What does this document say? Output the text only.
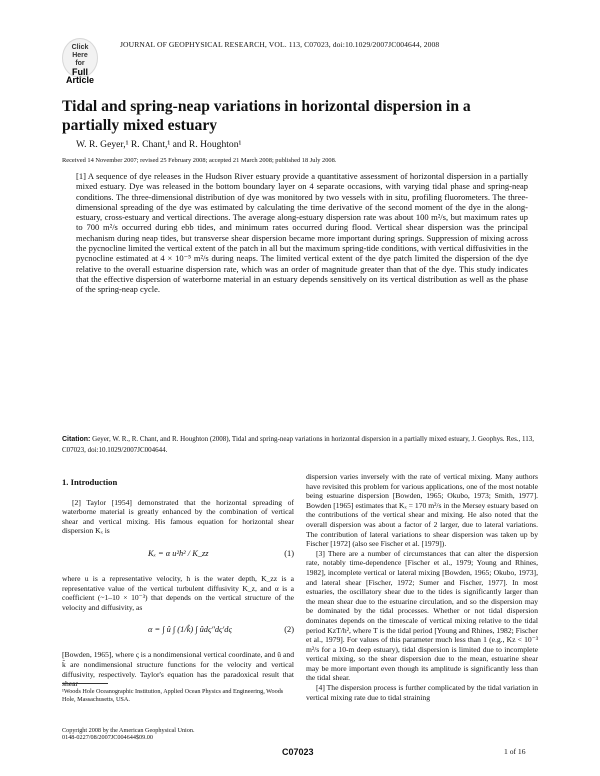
Click
Here
for
Full
Article
JOURNAL OF GEOPHYSICAL RESEARCH, VOL. 113, C07023, doi:10.1029/2007JC004644, 2008
Tidal and spring-neap variations in horizontal dispersion in a partially mixed estuary
W. R. Geyer,¹ R. Chant,¹ and R. Houghton¹
Received 14 November 2007; revised 25 February 2008; accepted 21 March 2008; published 18 July 2008.
[1] A sequence of dye releases in the Hudson River estuary provide a quantitative assessment of horizontal dispersion in a partially mixed estuary. Dye was released in the bottom boundary layer on 4 separate occasions, with varying tidal phase and spring-neap conditions. The three-dimensional distribution of dye was monitored by two vessels with in situ, profiling fluorometers. The three-dimensional spreading of the dye was estimated by calculating the time derivative of the second moment of the dye in the along-estuary, cross-estuary and vertical directions. The average along-estuary dispersion rate was about 100 m²/s, but maximum rates up to 700 m²/s occurred during ebb tides, and minimum rates occurred during flood. Vertical shear dispersion was the principal mechanism during neap tides, but transverse shear dispersion became more important during springs. Suppression of mixing across the pycnocline limited the vertical extent of the patch in all but the maximum spring-tide conditions, with vertical diffusivities in the pycnocline estimated at 4 × 10⁻⁵ m²/s during neaps. The limited vertical extent of the dye patch limited the dispersion of the dye relative to the overall estuarine dispersion rate, which was an order of magnitude greater than that of the dye. This study indicates that the effective dispersion of waterborne material in an estuary depends sensitively on its vertical distribution as well as the phase of the spring-neap cycle.
Citation: Geyer, W. R., R. Chant, and R. Houghton (2008), Tidal and spring-neap variations in horizontal dispersion in a partially mixed estuary, J. Geophys. Res., 113, C07023, doi:10.1029/2007JC004644.
1. Introduction

[2] Taylor [1954] demonstrated that the horizontal spreading of waterborne material is greatly enhanced by the combination of vertical shear and vertical mixing. His famous equation for horizontal shear dispersion Kₓ is

Kₓ = α u²h² / K_zz	(1)

where u is a representative velocity, h is the water depth, K_zz is a representative value of the vertical turbulent diffusivity K_z, and α is a coefficient (~1–10 × 10⁻³) that depends on the vertical structure of the velocity and diffusivity, as

α = ∫ û ∫ (1/k̂) ∫ ûdς″dς′dς	(2)

[Bowden, 1965], where ς is a nondimensional vertical coordinate, and û and k̂ are nondimensional structure functions for the velocity and vertical diffusivity, respectively. Taylor's equation has the paradoxical result that shear

dispersion varies inversely with the rate of vertical mixing. Many authors have revisited this problem for various applications, one of the most notable being estuarine dispersion [Bowden, 1965; Okubo, 1973; Smith, 1977]. Bowden [1965] estimates that Kₓ = 170 m²/s in the Mersey estuary based on the contributions of the vertical shear and mixing. He also noted that the overall dispersion was about a factor of 2 larger, due to lateral variations. The contribution of lateral variations to shear dispersion was taken up by Fischer [1972] (also see Fischer et al. [1979]).

[3] There are a number of circumstances that can alter the dispersion rate, notably time-dependence [Fischer et al., 1979; Young and Rhines, 1982], incomplete vertical or lateral mixing [Bowden, 1965; Okubo, 1973], and lateral shear [Fischer, 1972; Sumer and Fischer, 1977]. In most estuaries, the oscillatory shear due to the tides is significantly larger than the mean shear due to the estuarine circulation, and so the dispersion may be dominated by the tidal processes. Whether or not tidal dispersion dominates depends on the timescale of vertical mixing relative to the tidal period KzT/h², where T is the tidal period [Young and Rhines, 1982; Fischer et al., 1979]. For values of this parameter much less than 1 (e.g., Kz < 10⁻³ m²/s for a 10-m deep estuary), tidal dispersion is limited due to incomplete vertical mixing, so the shear dispersion due to the mean, estuarine shear may be more important even though its amplitude is significantly less than the tidal shear.

[4] The dispersion process is further complicated by the tidal variation in vertical mixing rate due to tidal straining

¹Woods Hole Oceanographic Institution, Applied Ocean Physics and Engineering, Woods Hole, Massachusetts, USA.
Copyright 2008 by the American Geophysical Union.
0148-0227/08/2007JC004644$09.00
C07023	1 of 16
